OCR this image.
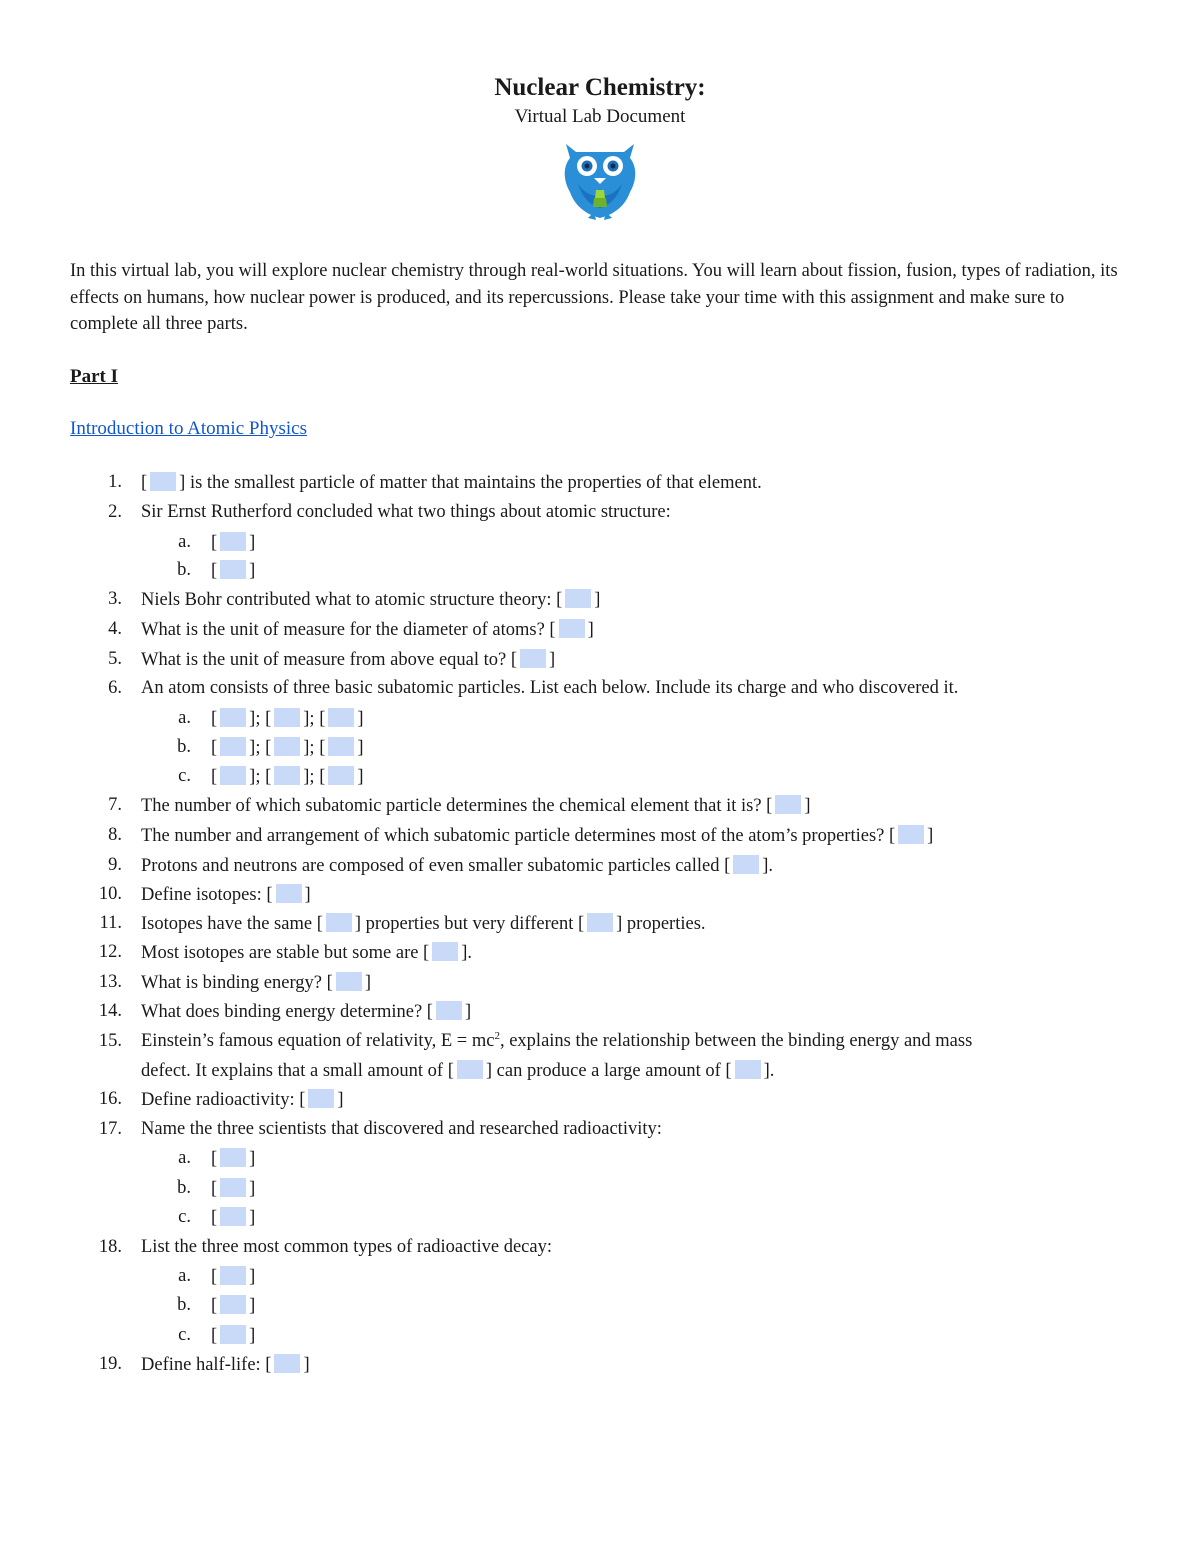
Nuclear Chemistry:
Virtual Lab Document
In this virtual lab, you will explore nuclear chemistry through real-world situations. You will learn about fission, fusion, types of radiation, its effects on humans, how nuclear power is produced, and its repercussions. Please take your time with this assignment and make sure to complete all three parts.
Part I
Introduction to Atomic Physics
1. [ ] is the smallest particle of matter that maintains the properties of that element.
2. Sir Ernst Rutherford concluded what two things about atomic structure:
a. [ ]
b. [ ]
3. Niels Bohr contributed what to atomic structure theory: [ ]
4. What is the unit of measure for the diameter of atoms? [ ]
5. What is the unit of measure from above equal to? [ ]
6. An atom consists of three basic subatomic particles. List each below. Include its charge and who discovered it.
a. [ ]; [ ]; [ ]
b. [ ]; [ ]; [ ]
c. [ ]; [ ]; [ ]
7. The number of which subatomic particle determines the chemical element that it is? [ ]
8. The number and arrangement of which subatomic particle determines most of the atom’s properties? [ ]
9. Protons and neutrons are composed of even smaller subatomic particles called [ ].
10. Define isotopes: [ ]
11. Isotopes have the same [ ] properties but very different [ ] properties.
12. Most isotopes are stable but some are [ ].
13. What is binding energy? [ ]
14. What does binding energy determine? [ ]
15. Einstein’s famous equation of relativity, $E = mc^2$, explains the relationship between the binding energy and mass
defect. It explains that a small amount of [ ] can produce a large amount of [ ].
16. Define radioactivity: [ ]
17. Name the three scientists that discovered and researched radioactivity:
a. [ ]
b. [ ]
c. [ ]
18. List the three most common types of radioactive decay:
a. [ ]
b. [ ]
c. [ ]
19. Define half-life: [ ]
